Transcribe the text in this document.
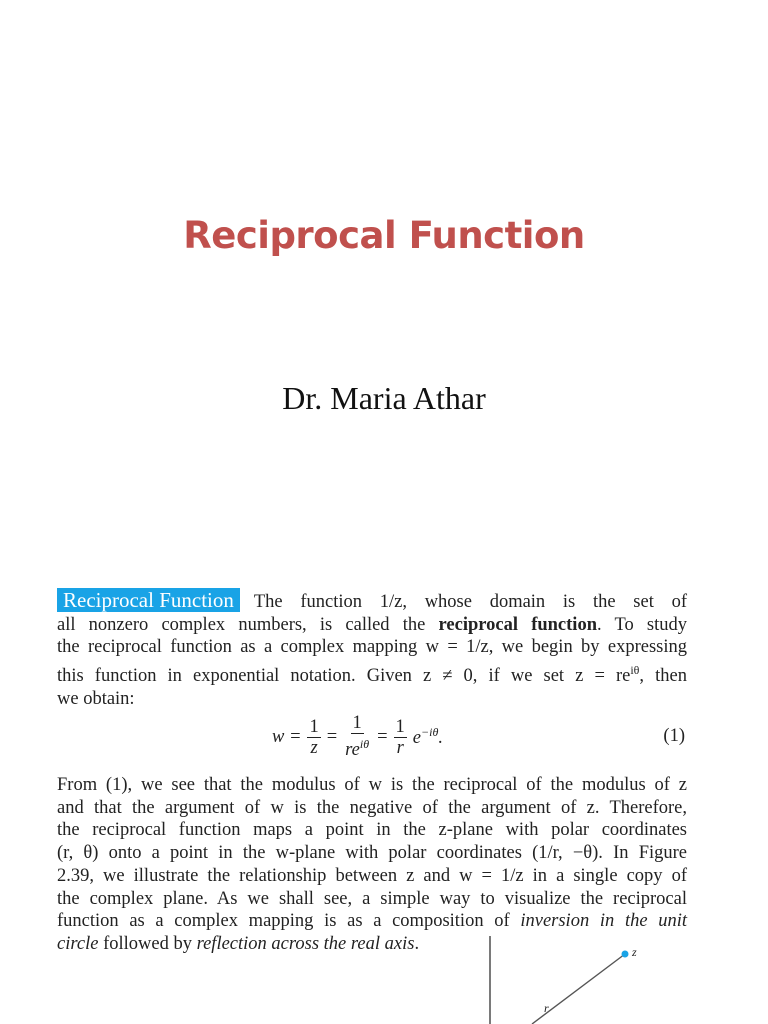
Reciprocal Function
Dr. Maria Athar
Reciprocal Function The function 1/z, whose domain is the set of
all nonzero complex numbers, is called the reciprocal function. To study
the reciprocal function as a complex mapping w = 1/z, we begin by expressing
this function in exponential notation. Given z ≠ 0, if we set $z = re^{i\theta}$, then
we obtain:
$w = \frac{1}{z} = \frac{1}{re^{i\theta}} = \frac{1}{r} e^{-i\theta}$.	(1)
From (1), we see that the modulus of w is the reciprocal of the modulus of z
and that the argument of w is the negative of the argument of z. Therefore,
the reciprocal function maps a point in the z-plane with polar coordinates
(r, θ) onto a point in the w-plane with polar coordinates (1/r, −θ). In Figure
2.39, we illustrate the relationship between z and w = 1/z in a single copy of
the complex plane. As we shall see, a simple way to visualize the reciprocal
function as a complex mapping is as a composition of inversion in the unit
circle followed by reflection across the real axis.	z
r
